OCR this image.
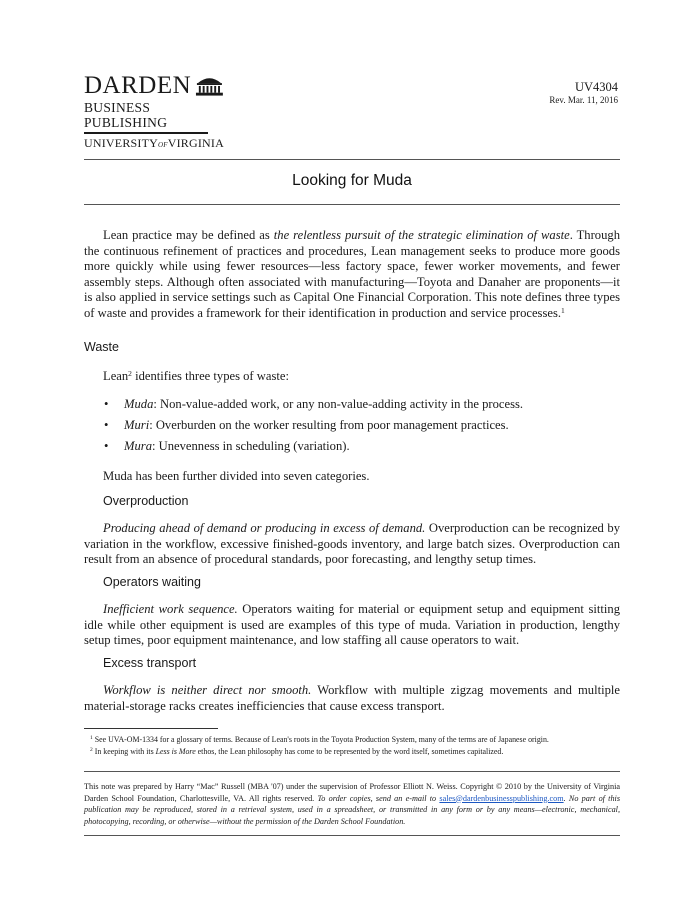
DARDEN
BUSINESS PUBLISHING
UNIVERSITYofVIRGINIA
UV4304
Rev. Mar. 11, 2016
Looking for Muda

Lean practice may be defined as the relentless pursuit of the strategic elimination of waste. Through the continuous refinement of practices and procedures, Lean management seeks to produce more goods more quickly while using fewer resources—less factory space, fewer worker movements, and fewer assembly steps. Although often associated with manufacturing—Toyota and Danaher are proponents—it is also applied in service settings such as Capital One Financial Corporation. This note defines three types of waste and provides a framework for their identification in production and service processes.$^1$

Waste

Lean$^2$ identifies three types of waste:

•	Muda: Non-value-added work, or any non-value-adding activity in the process.
•	Muri: Overburden on the worker resulting from poor management practices.
•	Mura: Unevenness in scheduling (variation).

Muda has been further divided into seven categories.

Overproduction

Producing ahead of demand or producing in excess of demand. Overproduction can be recognized by variation in the workflow, excessive finished-goods inventory, and large batch sizes. Overproduction can result from an absence of procedural standards, poor forecasting, and lengthy setup times.

Operators waiting

Inefficient work sequence. Operators waiting for material or equipment setup and equipment sitting idle while other equipment is used are examples of this type of muda. Variation in production, lengthy setup times, poor equipment maintenance, and low staffing all cause operators to wait.

Excess transport

Workflow is neither direct nor smooth. Workflow with multiple zigzag movements and multiple material-storage racks creates inefficiencies that cause excess transport.

$^1$ See UVA-OM-1334 for a glossary of terms. Because of Lean's roots in the Toyota Production System, many of the terms are of Japanese origin.
$^2$ In keeping with its Less is More ethos, the Lean philosophy has come to be represented by the word itself, sometimes capitalized.
This note was prepared by Harry “Mac” Russell (MBA '07) under the supervision of Professor Elliott N. Weiss. Copyright © 2010 by the University of Virginia Darden School Foundation, Charlottesville, VA. All rights reserved. To order copies, send an e-mail to sales@dardenbusinesspublishing.com. No part of this publication may be reproduced, stored in a retrieval system, used in a spreadsheet, or transmitted in any form or by any means—electronic, mechanical, photocopying, recording, or otherwise—without the permission of the Darden School Foundation.
